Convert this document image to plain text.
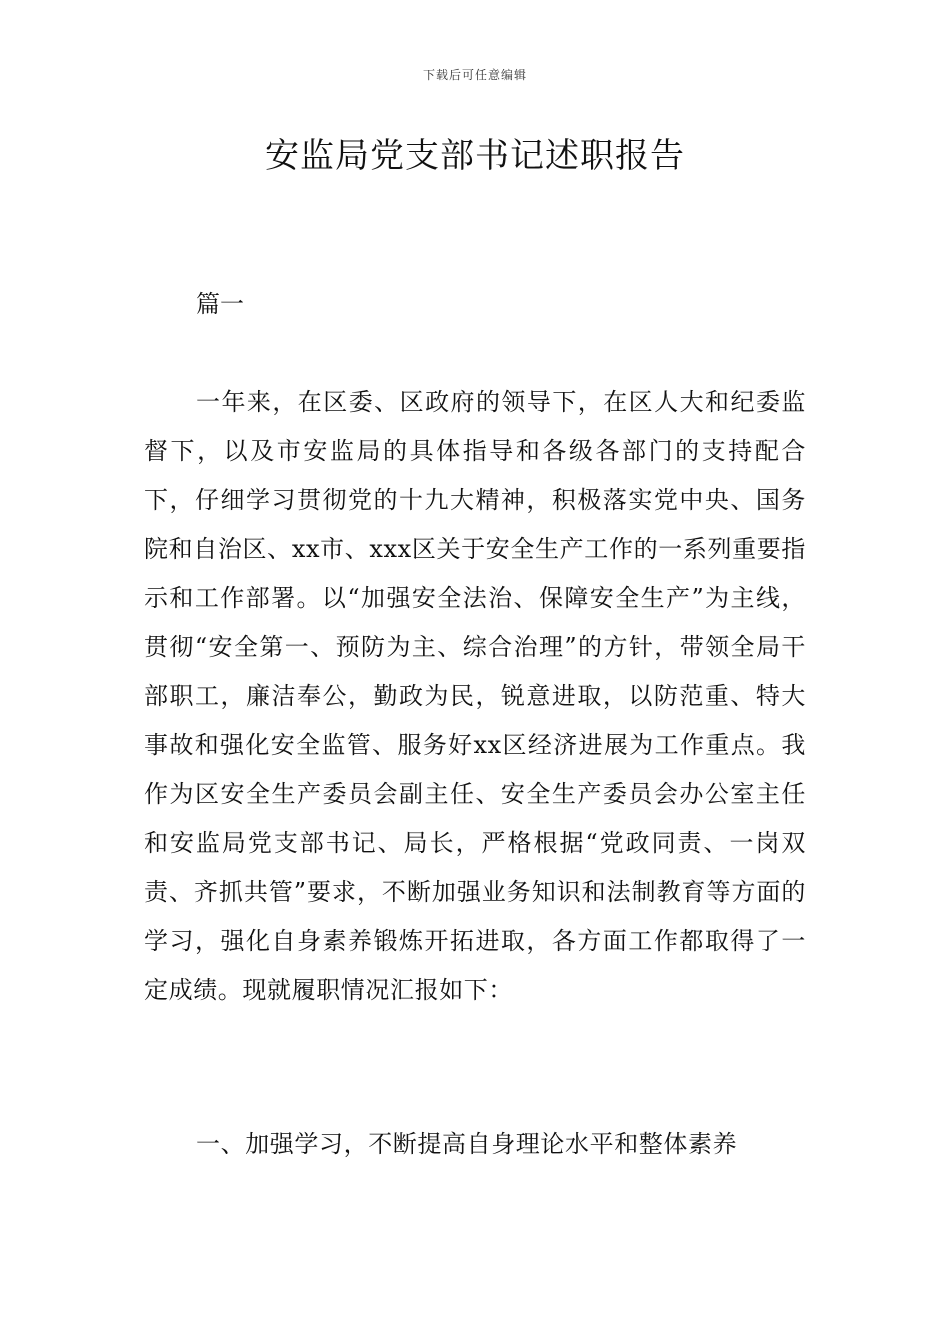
下载后可任意编辑
安监局党支部书记述职报告

篇一

一年来，在区委、区政府的领导下，在区人大和纪委监督下，以及市安监局的具体指导和各级各部门的支持配合下，仔细学习贯彻党的十九大精神，积极落实党中央、国务院和自治区、xx市、xxx区关于安全生产工作的一系列重要指示和工作部署。以“加强安全法治、保障安全生产”为主线，贯彻“安全第一、预防为主、综合治理”的方针，带领全局干部职工，廉洁奉公，勤政为民，锐意进取，以防范重、特大事故和强化安全监管、服务好xx区经济进展为工作重点。我作为区安全生产委员会副主任、安全生产委员会办公室主任和安监局党支部书记、局长，严格根据“党政同责、一岗双责、齐抓共管”要求，不断加强业务知识和法制教育等方面的学习，强化自身素养锻炼开拓进取，各方面工作都取得了一定成绩。现就履职情况汇报如下：

一、加强学习，不断提高自身理论水平和整体素养
